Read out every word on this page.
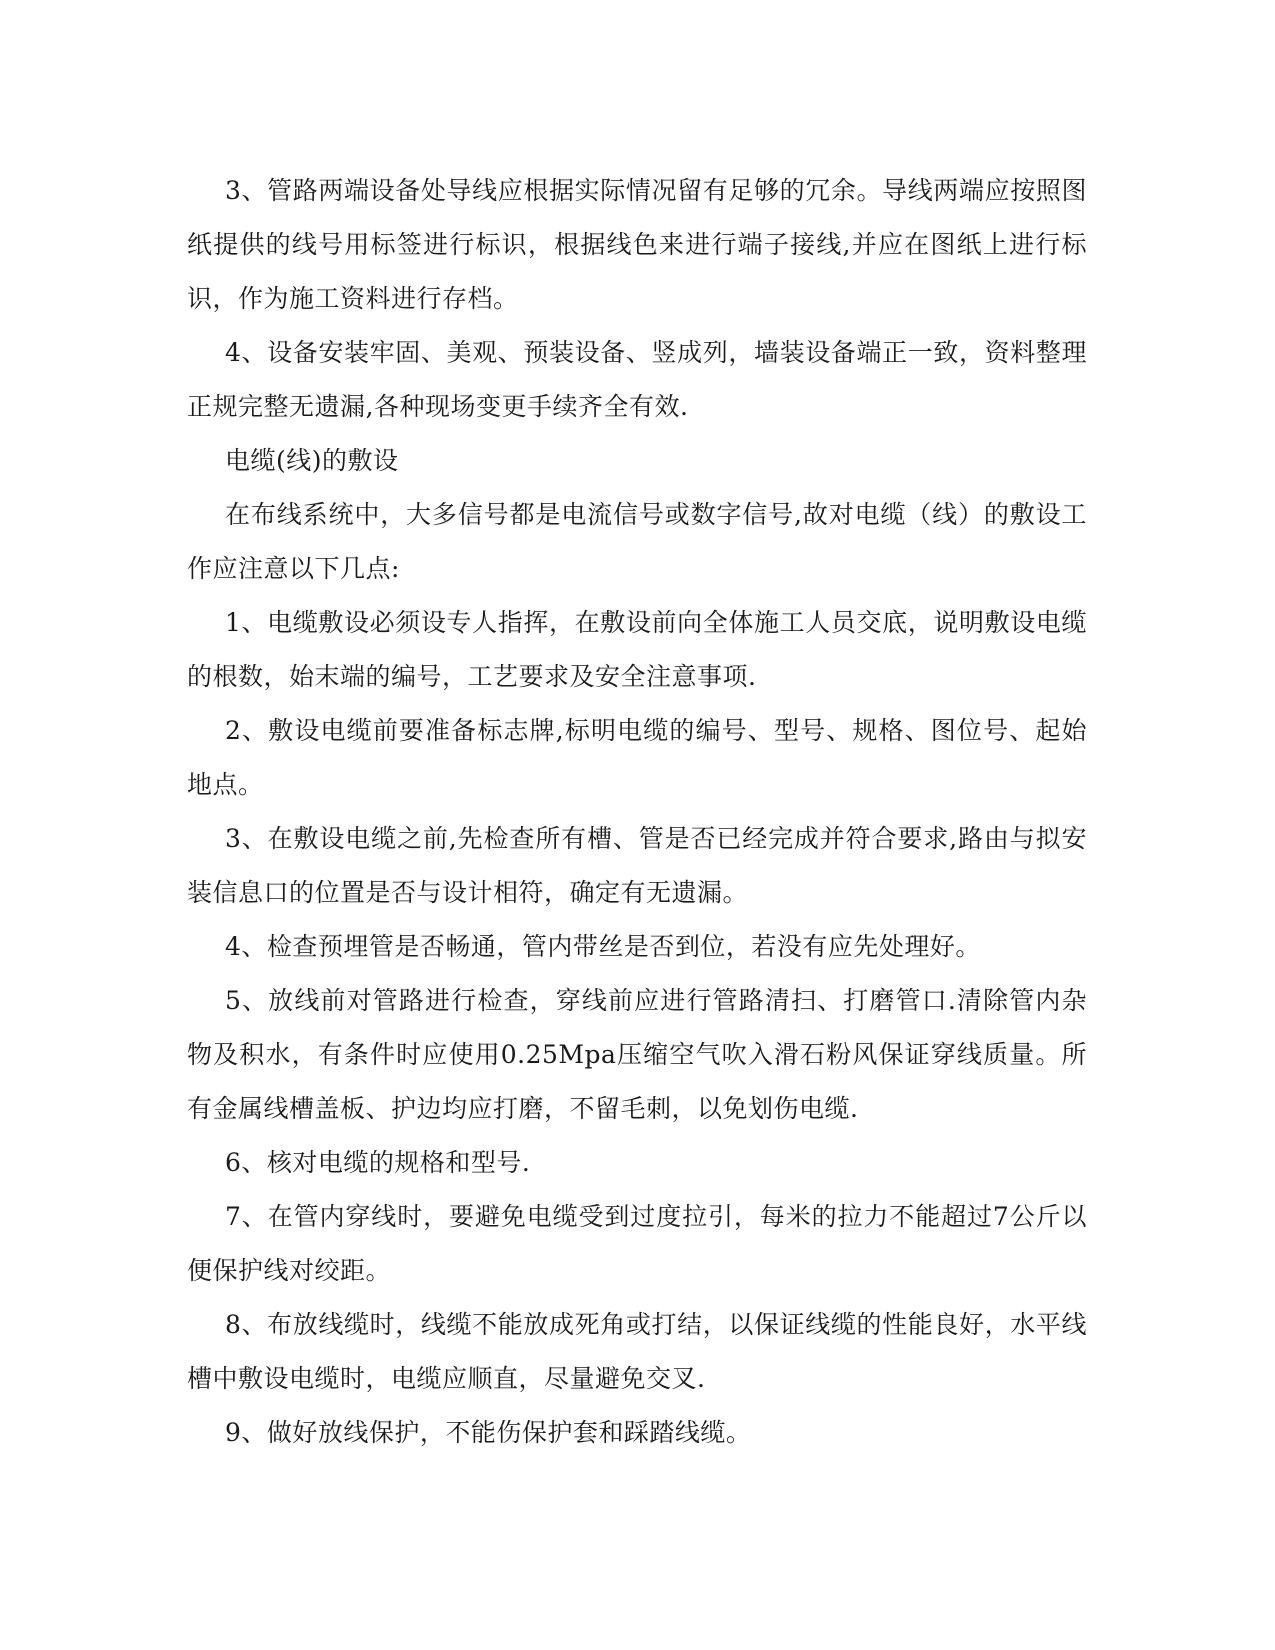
3、管路两端设备处导线应根据实际情况留有足够的冗余。导线两端应按照图纸提供的线号用标签进行标识，根据线色来进行端子接线,并应在图纸上进行标识，作为施工资料进行存档。

4、设备安装牢固、美观、预装设备、竖成列，墙装设备端正一致，资料整理正规完整无遗漏,各种现场变更手续齐全有效.

电缆(线)的敷设

在布线系统中，大多信号都是电流信号或数字信号,故对电缆（线）的敷设工作应注意以下几点:

1、电缆敷设必须设专人指挥，在敷设前向全体施工人员交底，说明敷设电缆的根数，始末端的编号，工艺要求及安全注意事项.

2、敷设电缆前要准备标志牌,标明电缆的编号、型号、规格、图位号、起始地点。

3、在敷设电缆之前,先检查所有槽、管是否已经完成并符合要求,路由与拟安装信息口的位置是否与设计相符，确定有无遗漏。

4、检查预埋管是否畅通，管内带丝是否到位，若没有应先处理好。

5、放线前对管路进行检查，穿线前应进行管路清扫、打磨管口.清除管内杂物及积水，有条件时应使用0.25Mpa压缩空气吹入滑石粉风保证穿线质量。所有金属线槽盖板、护边均应打磨，不留毛刺，以免划伤电缆.

6、核对电缆的规格和型号.

7、在管内穿线时，要避免电缆受到过度拉引，每米的拉力不能超过7公斤以便保护线对绞距。

8、布放线缆时，线缆不能放成死角或打结，以保证线缆的性能良好，水平线槽中敷设电缆时，电缆应顺直，尽量避免交叉.

9、做好放线保护，不能伤保护套和踩踏线缆。
